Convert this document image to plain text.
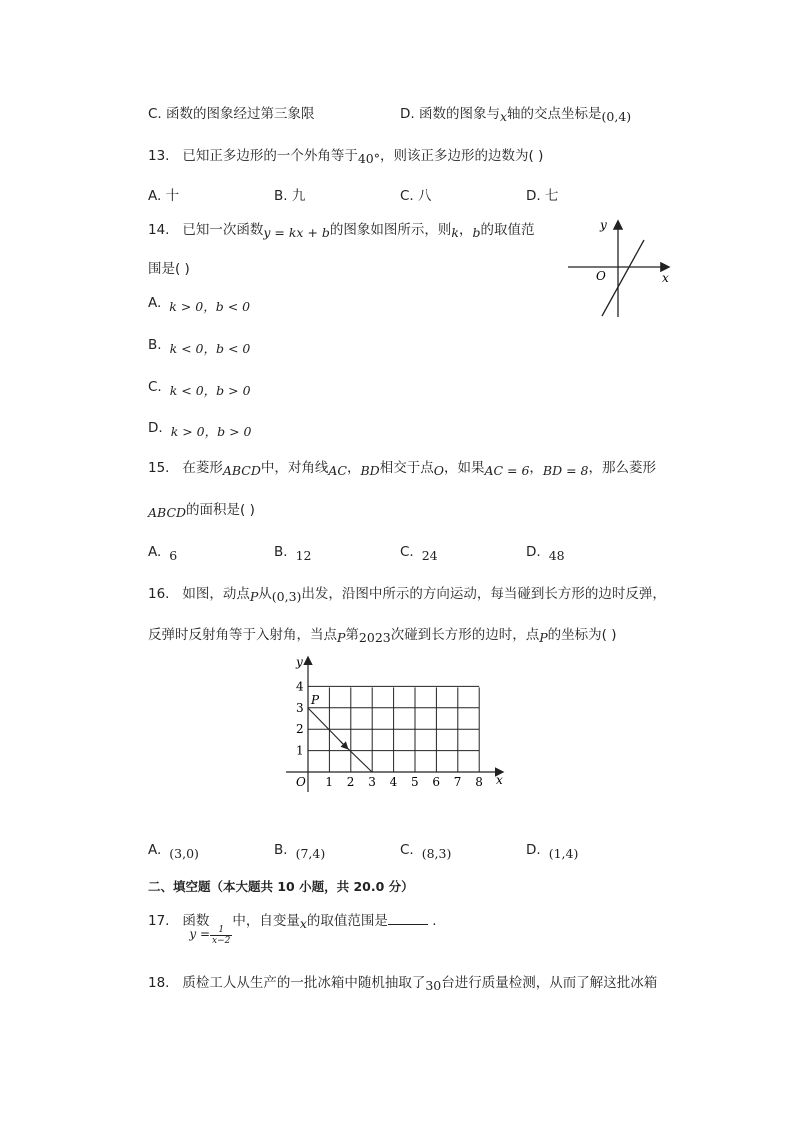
C. 函数的图象经过第三象限	D. 函数的图象与x轴的交点坐标是(0,4)
13. 已知正多边形的一个外角等于40°，则该正多边形的边数为( )
A. 十	B. 九	C. 八	D. 七
14. 已知一次函数y = kx + b的图象如图所示，则k，b的取值范
围是( )
A. k > 0，b < 0
B. k < 0，b < 0
C. k < 0，b > 0
D. k > 0，b > 0
x
y
O
15. 在菱形ABCD中，对角线AC，BD相交于点O，如果AC = 6，BD = 8，那么菱形
ABCD的面积是( )
A. 6	B. 12	C. 24	D. 48
16. 如图，动点P从(0,3)出发，沿图中所示的方向运动，每当碰到长方形的边时反弹，
反弹时反射角等于入射角，当点P第2023次碰到长方形的边时，点P的坐标为( )
1 2 3 4 5 6 7 8
1
2
3
4
x
y
O
P
A. (3,0)	B. (7,4)	C. (8,3)	D. (1,4)
二、填空题（本大题共 10 小题，共 20.0 分）
17. 函数$y = \frac{1}{x-2}$
中，自变量x的取值范围是	.
18. 质检工人从生产的一批冰箱中随机抽取了30台进行质量检测，从而了解这批冰箱
